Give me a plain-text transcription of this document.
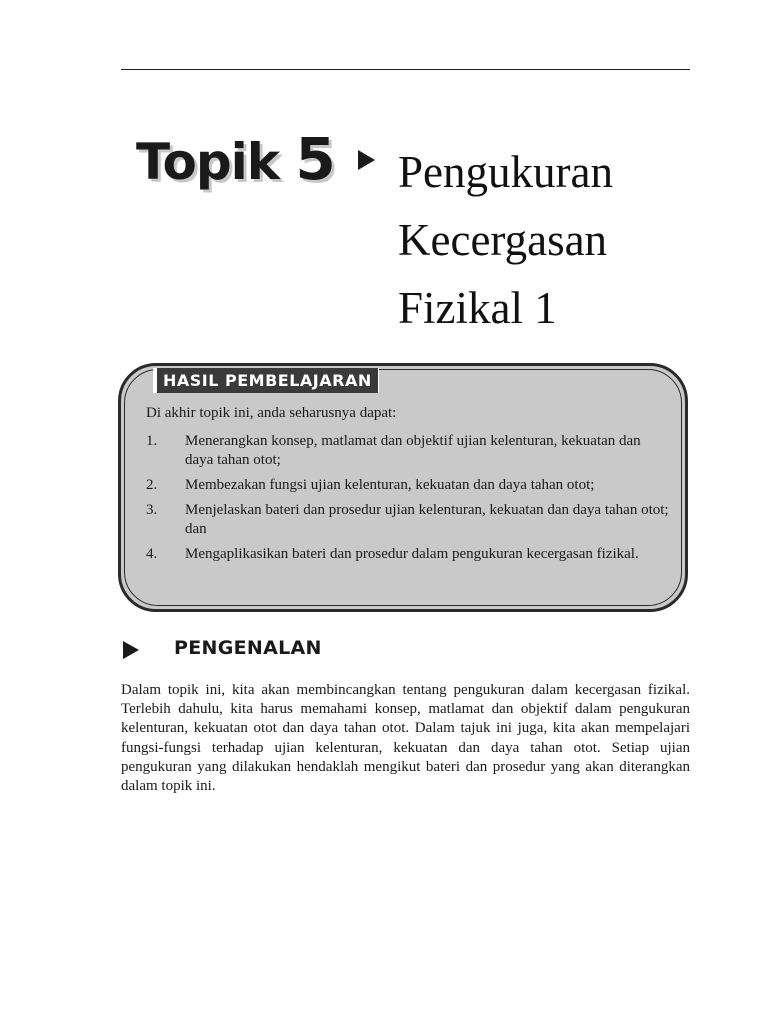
Topik 5 Pengukuran
Kecergasan
Fizikal 1
HASIL PEMBELAJARAN
Di akhir topik ini, anda seharusnya dapat:
1. Menerangkan konsep, matlamat dan objektif ujian kelenturan, kekuatan dan daya tahan otot;
2. Membezakan fungsi ujian kelenturan, kekuatan dan daya tahan otot;
3. Menjelaskan bateri dan prosedur ujian kelenturan, kekuatan dan daya tahan otot; dan
4. Mengaplikasikan bateri dan prosedur dalam pengukuran kecergasan fizikal.
PENGENALAN

Dalam topik ini, kita akan membincangkan tentang pengukuran dalam kecergasan fizikal. Terlebih dahulu, kita harus memahami konsep, matlamat dan objektif dalam pengukuran kelenturan, kekuatan otot dan daya tahan otot. Dalam tajuk ini juga, kita akan mempelajari fungsi-fungsi terhadap ujian kelenturan, kekuatan dan daya tahan otot. Setiap ujian pengukuran yang dilakukan hendaklah mengikut bateri dan prosedur yang akan diterangkan dalam topik ini.
